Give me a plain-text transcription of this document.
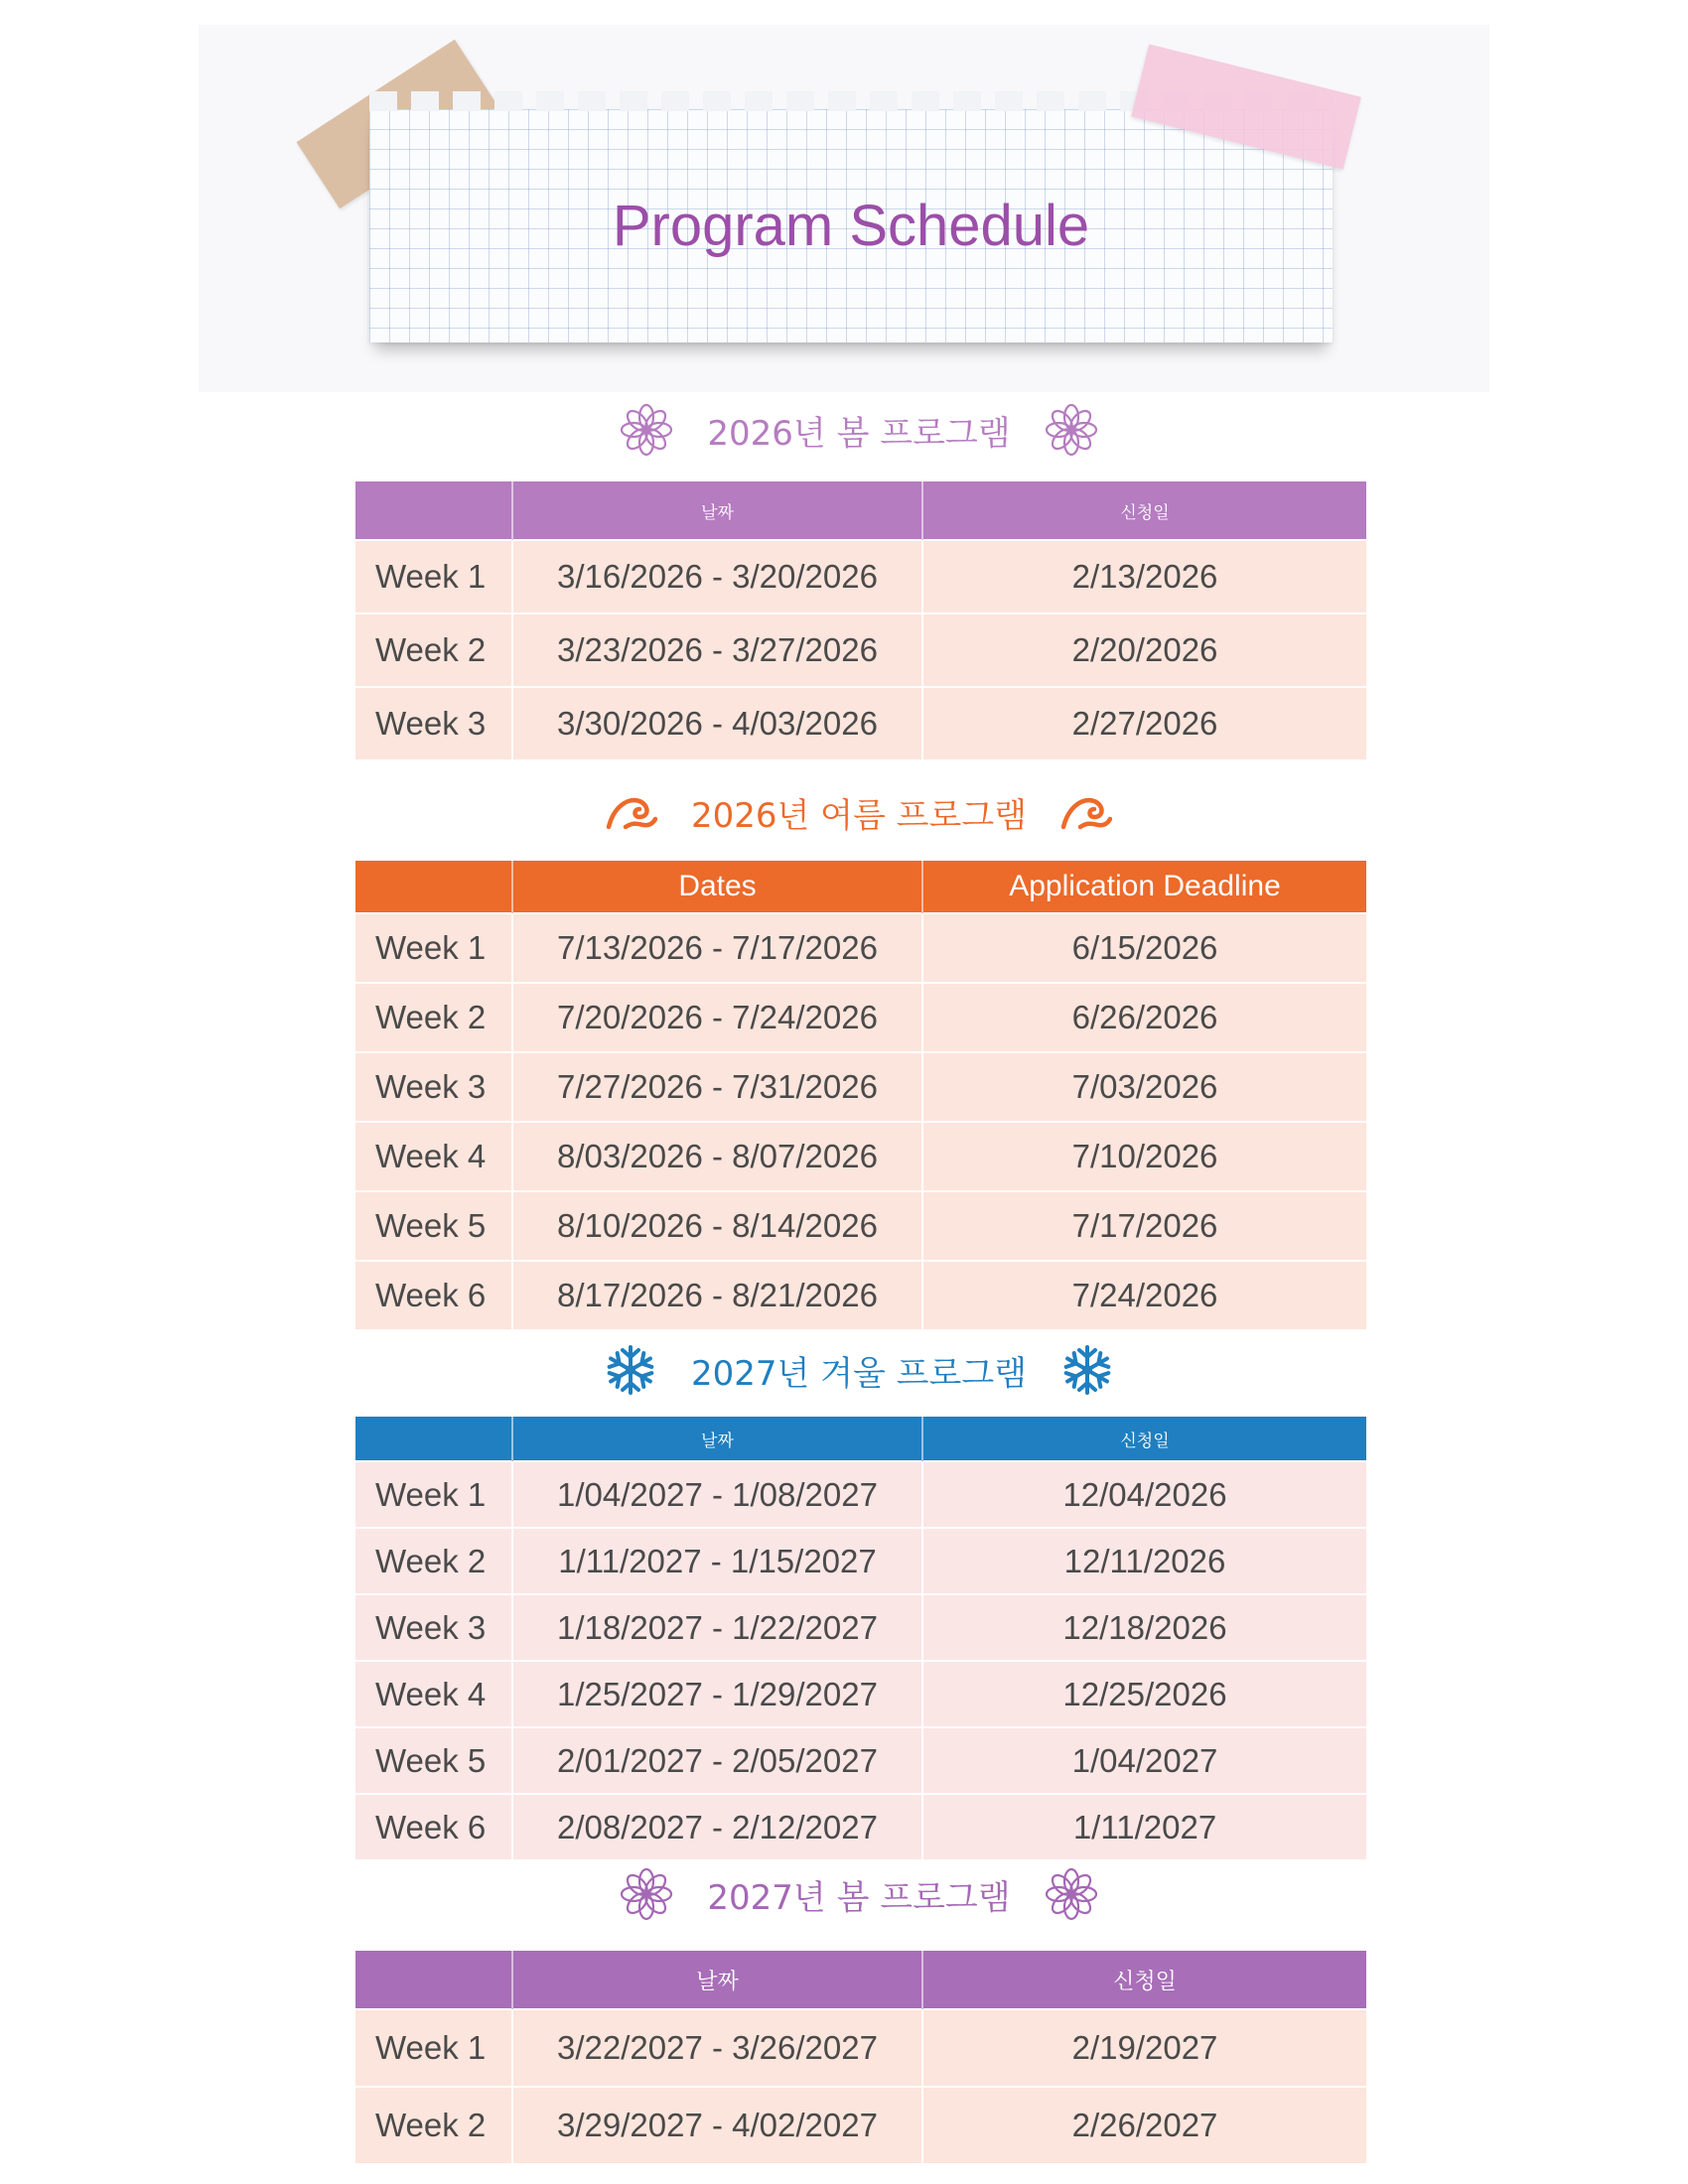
Program Schedule
2026년 봄 프로그램
	날짜	신청일
Week 1	3/16/2026 - 3/20/2026	2/13/2026
Week 2	3/23/2026 - 3/27/2026	2/20/2026
Week 3	3/30/2026 - 4/03/2026	2/27/2026
2026년 여름 프로그램
	Dates	Application Deadline
Week 1	7/13/2026 - 7/17/2026	6/15/2026
Week 2	7/20/2026 - 7/24/2026	6/26/2026
Week 3	7/27/2026 - 7/31/2026	7/03/2026
Week 4	8/03/2026 - 8/07/2026	7/10/2026
Week 5	8/10/2026 - 8/14/2026	7/17/2026
Week 6	8/17/2026 - 8/21/2026	7/24/2026
2027년 겨울 프로그램
	날짜	신청일
Week 1	1/04/2027 - 1/08/2027	12/04/2026
Week 2	1/11/2027 - 1/15/2027	12/11/2026
Week 3	1/18/2027 - 1/22/2027	12/18/2026
Week 4	1/25/2027 - 1/29/2027	12/25/2026
Week 5	2/01/2027 - 2/05/2027	1/04/2027
Week 6	2/08/2027 - 2/12/2027	1/11/2027
2027년 봄 프로그램
	날짜	신청일
Week 1	3/22/2027 - 3/26/2027	2/19/2027
Week 2	3/29/2027 - 4/02/2027	2/26/2027
